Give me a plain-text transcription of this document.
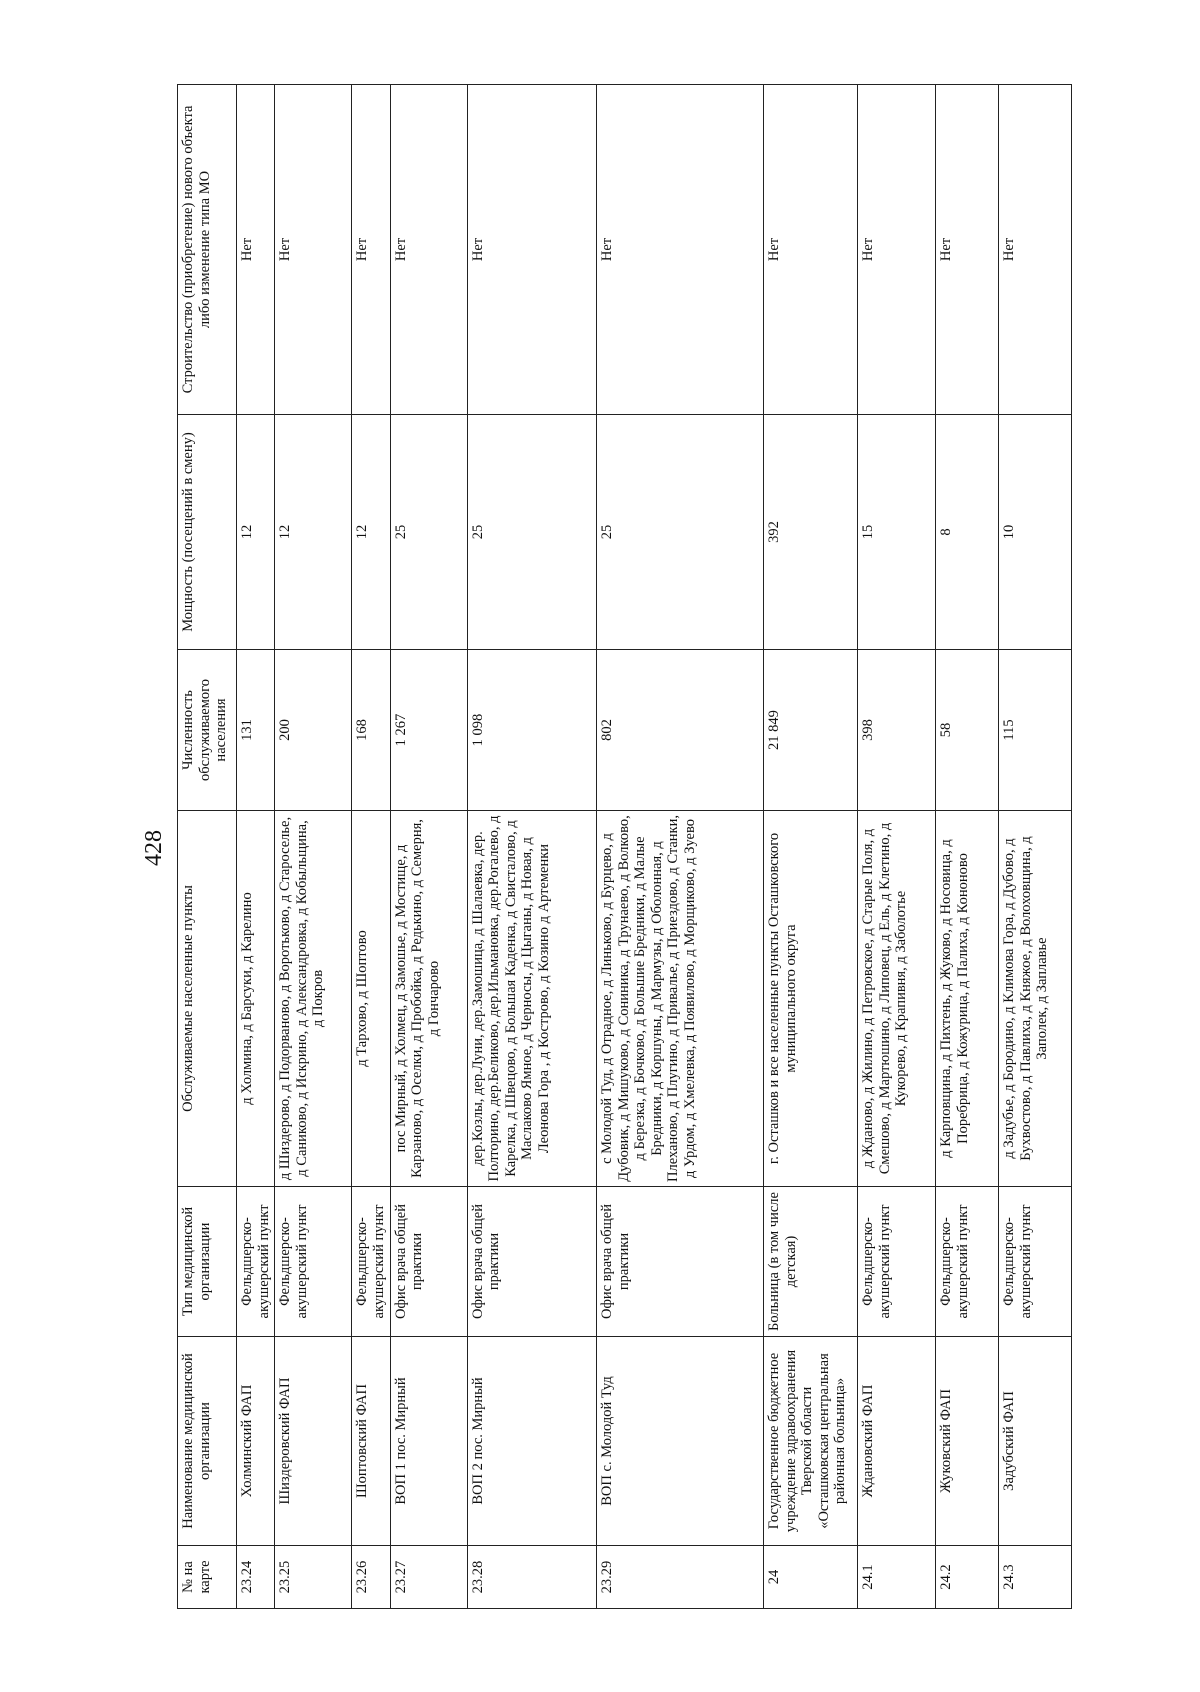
428
№ на карте	Наименование медицинской организации	Тип медицинской организации	Обслуживаемые населенные пункты	Численность обслуживаемого населения	Мощность (посещений в смену)	Строительство (приобретение) нового объекта либо изменение типа МО
23.24	Холминский ФАП	Фельдшерско-акушерский пункт	д Холмина, д Барсуки, д Карелино	131	12	Нет
23.25	Шиздеровский ФАП	Фельдшерско-акушерский пункт	д Шиздерово, д Подорваново, д Воротьково, д Староселье, д Саниково, д Искрино, д Александровка, д Кобыльщина, д Покров	200	12	Нет
23.26	Шоптовский ФАП	Фельдшерско-акушерский пункт	д Тархово, д Шоптово	168	12	Нет
23.27	ВОП 1 пос. Мирный	Офис врача общей практики	пос Мирный, д Холмец, д Замошье, д Мостище, д Карзаново, д Оселки, д Пробойка, д Редькино, д Семерня, д Гончарово	1 267	25	Нет
23.28	ВОП 2 пос. Мирный	Офис врача общей практики	дер.Козлы, дер.Луни, дер.Замошица, д Шалаевка, дер. Полторино, дер.Беликово, дер.Ильмановка, дер.Рогалево, д Карелка, д Швецово, д Большая Каденка, д Свисталово, д Маслаково Ямное, д Черносы, д Цыганы, д Новая, д Леонова Гора , д Кострово, д Козино д Артеменки	1 098	25	Нет
23.29	ВОП с. Молодой Туд	Офис врача общей практики	с Молодой Туд, д Отрадное, д Линьково, д Бурцево, д Дубовик, д Мишуково, д Сониника, д Трунаево, д Волково, д Березка, д Бочково, д Большие Бредники, д Малые Бредники, д Коршуны, д Мармузы, д Оболонная, д Плеханово, д Плугино, д Привалье, д Приездово, д Станки, д Урдом, д Хмелевка, д Появилово, д Морщиково, д Зуево	802	25	Нет
24	Государственное бюджетное учреждение здравоохранения Тверской области «Осташковская центральная районная больница»	Больница (в том числе детская)	г. Осташков и все населенные пункты Осташковского муниципального округа	21 849	392	Нет
24.1	Ждановский ФАП	Фельдшерско-акушерский пункт	д Жданово, д Жилино, д Петровское, д Старые Поля, д Смешово, д Мартюшино, д Липовец, д Ель, д Клетино, д Кукорево, д Крапивня, д Заболотье	398	15	Нет
24.2	Жуковский ФАП	Фельдшерско-акушерский пункт	д Карповщина, д Пихтень, д Жуково, д Носовица, д Поребрица, д Кожурица, д Палиха, д Кононово	58	8	Нет
24.3	Задубский ФАП	Фельдшерско-акушерский пункт	д Задубье, д Бородино, д Климова Гора, д Дубово, д Бухвостово, д Павлиха, д Княжое, д Волоховщина, д Заполек, д Заплавье	115	10	Нет
